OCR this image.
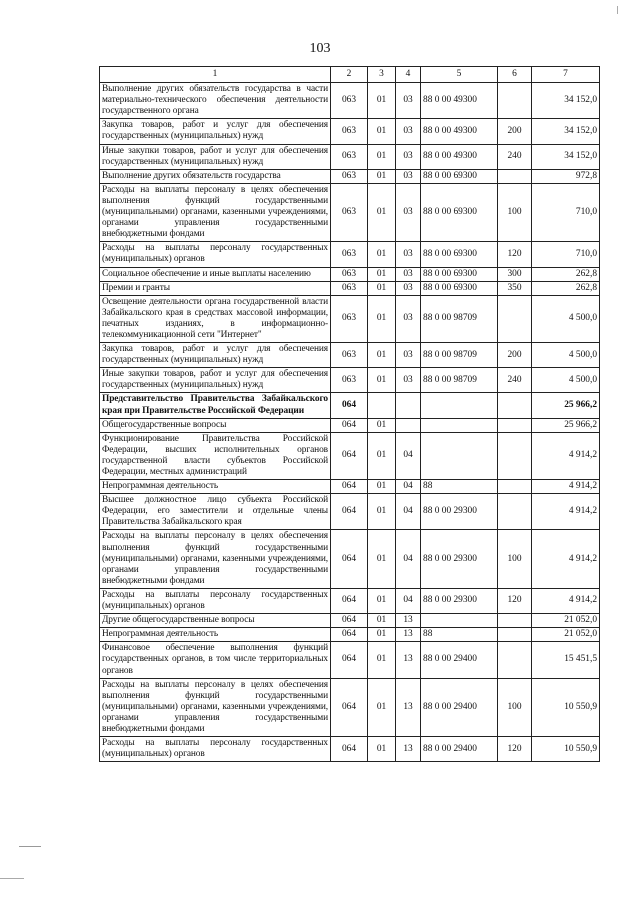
103
1	2	3	4	5	6	7
Выполнение других обязательств государства в части материально-технического обеспечения деятельности государственного органа	063	01	03	88 0 00 49300		34 152,0
Закупка товаров, работ и услуг для обеспечения государственных (муниципальных) нужд	063	01	03	88 0 00 49300	200	34 152,0
Иные закупки товаров, работ и услуг для обеспечения государственных (муниципальных) нужд	063	01	03	88 0 00 49300	240	34 152,0
Выполнение других обязательств государства	063	01	03	88 0 00 69300		972,8
Расходы на выплаты персоналу в целях обеспечения выполнения функций государственными (муниципальными) органами, казенными учреждениями, органами управления государственными внебюджетными фондами	063	01	03	88 0 00 69300	100	710,0
Расходы на выплаты персоналу государственных (муниципальных) органов	063	01	03	88 0 00 69300	120	710,0
Социальное обеспечение и иные выплаты населению	063	01	03	88 0 00 69300	300	262,8
Премии и гранты	063	01	03	88 0 00 69300	350	262,8
Освещение деятельности органа государственной власти Забайкальского края в средствах массовой информации, печатных изданиях, в информационно-телекоммуникационной сети "Интернет"	063	01	03	88 0 00 98709		4 500,0
Закупка товаров, работ и услуг для обеспечения государственных (муниципальных) нужд	063	01	03	88 0 00 98709	200	4 500,0
Иные закупки товаров, работ и услуг для обеспечения государственных (муниципальных) нужд	063	01	03	88 0 00 98709	240	4 500,0
Представительство Правительства Забайкальского края при Правительстве Российской Федерации	064					25 966,2
Общегосударственные вопросы	064	01				25 966,2
Функционирование Правительства Российской Федерации, высших исполнительных органов государственной власти субъектов Российской Федерации, местных администраций	064	01	04			4 914,2
Непрограммная деятельность	064	01	04	88		4 914,2
Высшее должностное лицо субъекта Российской Федерации, его заместители и отдельные члены Правительства Забайкальского края	064	01	04	88 0 00 29300		4 914,2
Расходы на выплаты персоналу в целях обеспечения выполнения функций государственными (муниципальными) органами, казенными учреждениями, органами управления государственными внебюджетными фондами	064	01	04	88 0 00 29300	100	4 914,2
Расходы на выплаты персоналу государственных (муниципальных) органов	064	01	04	88 0 00 29300	120	4 914,2
Другие общегосударственные вопросы	064	01	13			21 052,0
Непрограммная деятельность	064	01	13	88		21 052,0
Финансовое обеспечение выполнения функций государственных органов, в том числе территориальных органов	064	01	13	88 0 00 29400		15 451,5
Расходы на выплаты персоналу в целях обеспечения выполнения функций государственными (муниципальными) органами, казенными учреждениями, органами управления государственными внебюджетными фондами	064	01	13	88 0 00 29400	100	10 550,9
Расходы на выплаты персоналу государственных (муниципальных) органов	064	01	13	88 0 00 29400	120	10 550,9
